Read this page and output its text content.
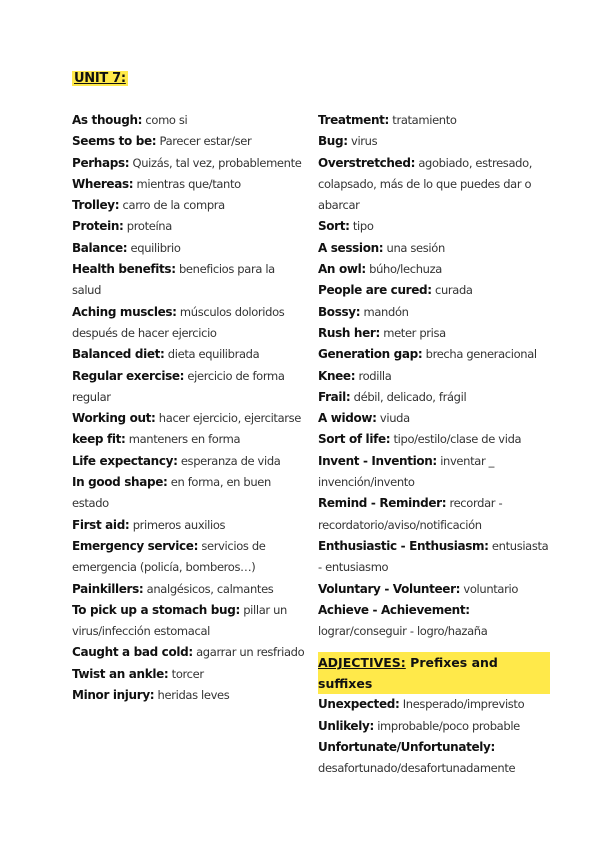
UNIT 7:
As though: como si
Seems to be: Parecer estar/ser
Perhaps: Quizás, tal vez, probablemente
Whereas: mientras que/tanto
Trolley: carro de la compra
Protein: proteína
Balance: equilibrio
Health benefits: beneficios para la salud
Aching muscles: músculos doloridos después de hacer ejercicio
Balanced diet: dieta equilibrada
Regular exercise: ejercicio de forma regular
Working out: hacer ejercicio, ejercitarse
keep fit: manteners en forma
Life expectancy: esperanza de vida
In good shape: en forma, en buen estado
First aid: primeros auxilios
Emergency service: servicios de emergencia (policía, bomberos…)
Painkillers: analgésicos, calmantes
To pick up a stomach bug: pillar un virus/infección estomacal
Caught a bad cold: agarrar un resfriado
Twist an ankle: torcer
Minor injury: heridas leves
Treatment: tratamiento
Bug: virus
Overstretched: agobiado, estresado, colapsado, más de lo que puedes dar o abarcar
Sort: tipo
A session: una sesión
An owl: búho/lechuza
People are cured: curada
Bossy: mandón
Rush her: meter prisa
Generation gap: brecha generacional
Knee: rodilla
Frail: débil, delicado, frágil
A widow: viuda
Sort of life: tipo/estilo/clase de vida
Invent - Invention: inventar _ invención/invento
Remind - Reminder: recordar - recordatorio/aviso/notificación
Enthusiastic - Enthusiasm: entusiasta - entusiasmo
Voluntary - Volunteer: voluntario
Achieve - Achievement: lograr/conseguir - logro/hazaña
ADJECTIVES: Prefixes and suffixes
Unexpected: Inesperado/imprevisto
Unlikely: improbable/poco probable
Unfortunate/Unfortunately: desafortunado/desafortunadamente
